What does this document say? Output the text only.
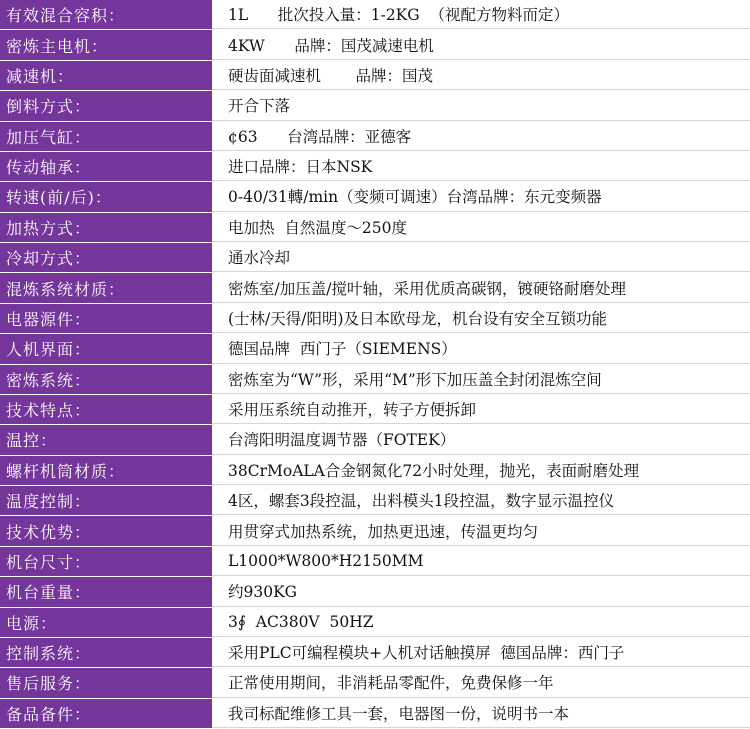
有效混合容积：	1L      批次投入量：1-2KG  （视配方物料而定）
密炼主电机：	4KW      品牌：国茂减速电机
减速机：	硬齿面减速机       品牌：国茂
倒料方式：	开合下落
加压气缸：	¢63      台湾品牌：亚德客
传动轴承：	进口品牌：日本NSK
转速(前/后)：	0-40/31轉/min（变频可调速）台湾品牌：东元变频器
加热方式：	电加热  自然温度～250度
冷却方式：	通水冷却
混炼系统材质：	密炼室/加压盖/搅叶轴，采用优质高碳钢，镀硬铬耐磨处理
电器源件：	(士林/天得/阳明)及日本欧母龙，机台设有安全互锁功能
人机界面：	德国品牌  西门子（SIEMENS）
密炼系统：	密炼室为“W”形，采用“M”形下加压盖全封闭混炼空间
技术特点：	采用压系统自动推开，转子方便拆卸
温控：	台湾阳明温度调节器（FOTEK）
螺杆机筒材质：	38CrMoALA合金钢氮化72小时处理，抛光，表面耐磨处理
温度控制：	4区，螺套3段控温，出料模头1段控温，数字显示温控仪
技术优势：	用贯穿式加热系统，加热更迅速，传温更均匀
机台尺寸：	L1000*W800*H2150MM
机台重量：	约930KG
电源：	3∮  AC380V  50HZ
控制系统：	采用PLC可编程模块+人机对话触摸屏  德国品牌：西门子
售后服务：	正常使用期间，非消耗品零配件，免费保修一年
备品备件：	我司标配维修工具一套，电器图一份，说明书一本
